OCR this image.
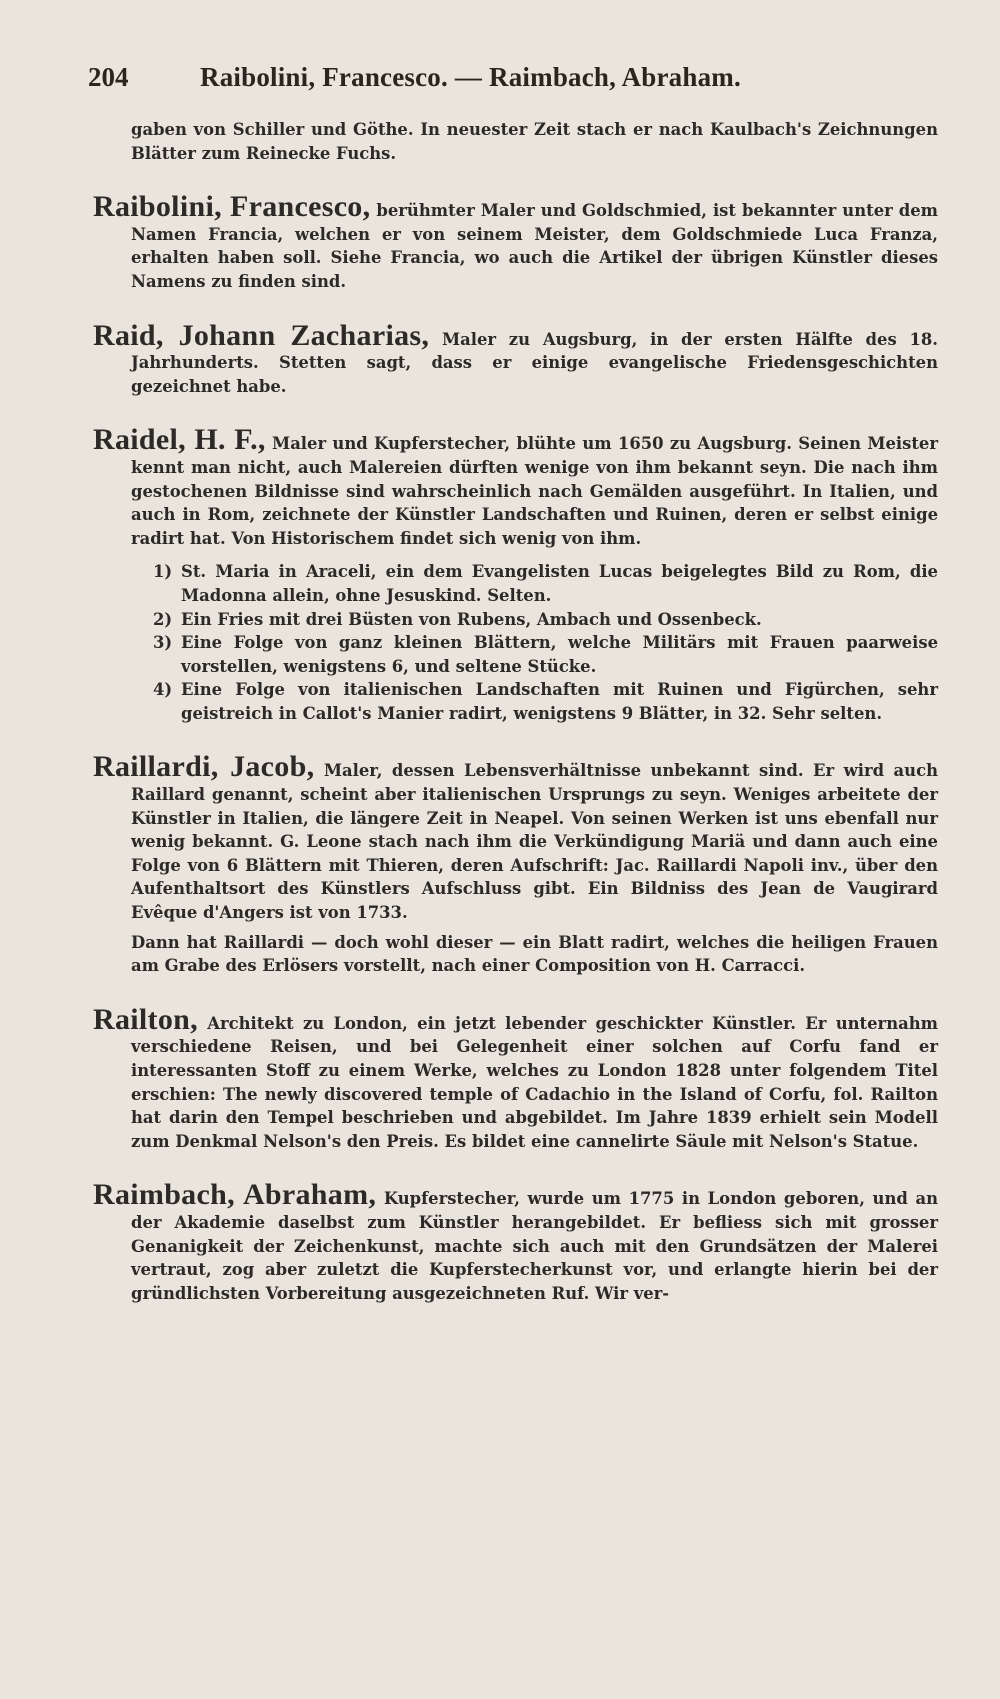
204	Raibolini, Francesco. — Raimbach, Abraham.
gaben von Schiller und Göthe. In neuester Zeit stach er nach Kaulbach's Zeichnungen Blätter zum Reinecke Fuchs.
Raibolini, Francesco, berühmter Maler und Goldschmied, ist bekannter unter dem Namen Francia, welchen er von seinem Meister, dem Goldschmiede Luca Franza, erhalten haben soll. Siehe Francia, wo auch die Artikel der übrigen Künstler dieses Namens zu finden sind.
Raid, Johann Zacharias, Maler zu Augsburg, in der ersten Hälfte des 18. Jahrhunderts. Stetten sagt, dass er einige evangelische Friedensgeschichten gezeichnet habe.
Raidel, H. F., Maler und Kupferstecher, blühte um 1650 zu Augsburg. Seinen Meister kennt man nicht, auch Malereien dürften wenige von ihm bekannt seyn. Die nach ihm gestochenen Bildnisse sind wahrscheinlich nach Gemälden ausgeführt. In Italien, und auch in Rom, zeichnete der Künstler Landschaften und Ruinen, deren er selbst einige radirt hat. Von Historischem findet sich wenig von ihm.
1) St. Maria in Araceli, ein dem Evangelisten Lucas beigelegtes Bild zu Rom, die Madonna allein, ohne Jesuskind. Selten.
2) Ein Fries mit drei Büsten von Rubens, Ambach und Ossenbeck.
3) Eine Folge von ganz kleinen Blättern, welche Militärs mit Frauen paarweise vorstellen, wenigstens 6, und seltene Stücke.
4) Eine Folge von italienischen Landschaften mit Ruinen und Figürchen, sehr geistreich in Callot's Manier radirt, wenigstens 9 Blätter, in 32. Sehr selten.
Raillardi, Jacob, Maler, dessen Lebensverhältnisse unbekannt sind. Er wird auch Raillard genannt, scheint aber italienischen Ursprungs zu seyn. Weniges arbeitete der Künstler in Italien, die längere Zeit in Neapel. Von seinen Werken ist uns ebenfall nur wenig bekannt. G. Leone stach nach ihm die Verkündigung Mariä und dann auch eine Folge von 6 Blättern mit Thieren, deren Aufschrift: Jac. Raillardi Napoli inv., über den Aufenthaltsort des Künstlers Aufschluss gibt. Ein Bildniss des Jean de Vaugirard Evêque d'Angers ist von 1733.
Dann hat Raillardi — doch wohl dieser — ein Blatt radirt, welches die heiligen Frauen am Grabe des Erlösers vorstellt, nach einer Composition von H. Carracci.
Railton, Architekt zu London, ein jetzt lebender geschickter Künstler. Er unternahm verschiedene Reisen, und bei Gelegenheit einer solchen auf Corfu fand er interessanten Stoff zu einem Werke, welches zu London 1828 unter folgendem Titel erschien: The newly discovered temple of Cadachio in the Island of Corfu, fol. Railton hat darin den Tempel beschrieben und abgebildet. Im Jahre 1839 erhielt sein Modell zum Denkmal Nelson's den Preis. Es bildet eine cannelirte Säule mit Nelson's Statue.
Raimbach, Abraham, Kupferstecher, wurde um 1775 in London geboren, und an der Akademie daselbst zum Künstler herangebildet. Er befliess sich mit grosser Genanigkeit der Zeichenkunst, machte sich auch mit den Grundsätzen der Malerei vertraut, zog aber zuletzt die Kupferstecherkunst vor, und erlangte hierin bei der gründlichsten Vorbereitung ausgezeichneten Ruf. Wir ver-
